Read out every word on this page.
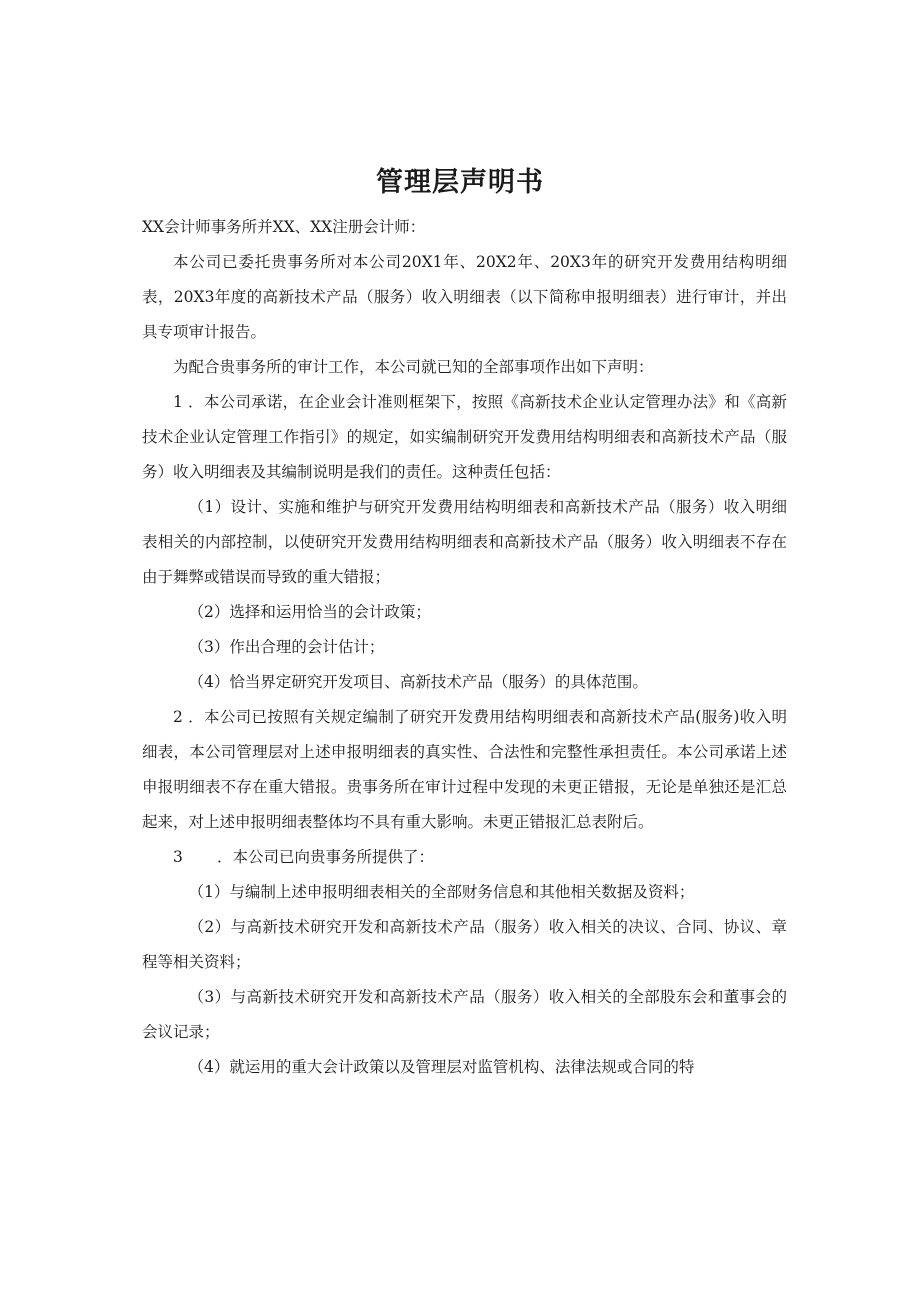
管理层声明书

XX会计师事务所并XX、XX注册会计师：

本公司已委托贵事务所对本公司20X1年、20X2年、20X3年的研究开发费用结构明细表，20X3年度的高新技术产品（服务）收入明细表（以下简称申报明细表）进行审计，并出具专项审计报告。

为配合贵事务所的审计工作，本公司就已知的全部事项作出如下声明：

1 ．本公司承诺，在企业会计准则框架下，按照《高新技术企业认定管理办法》和《高新技术企业认定管理工作指引》的规定，如实编制研究开发费用结构明细表和高新技术产品（服务）收入明细表及其编制说明是我们的责任。这种责任包括：

（1）设计、实施和维护与研究开发费用结构明细表和高新技术产品（服务）收入明细表相关的内部控制，以使研究开发费用结构明细表和高新技术产品（服务）收入明细表不存在由于舞弊或错误而导致的重大错报；

（2）选择和运用恰当的会计政策；

（3）作出合理的会计估计；

（4）恰当界定研究开发项目、高新技术产品（服务）的具体范围。

2 ．本公司已按照有关规定编制了研究开发费用结构明细表和高新技术产品(服务)收入明细表，本公司管理层对上述申报明细表的真实性、合法性和完整性承担责任。本公司承诺上述申报明细表不存在重大错报。贵事务所在审计过程中发现的未更正错报，无论是单独还是汇总起来，对上述申报明细表整体均不具有重大影响。未更正错报汇总表附后。

3 ．本公司已向贵事务所提供了：

（1）与编制上述申报明细表相关的全部财务信息和其他相关数据及资料；

（2）与高新技术研究开发和高新技术产品（服务）收入相关的决议、合同、协议、章程等相关资料；

（3）与高新技术研究开发和高新技术产品（服务）收入相关的全部股东会和董事会的会议记录；

（4）就运用的重大会计政策以及管理层对监管机构、法律法规或合同的特
